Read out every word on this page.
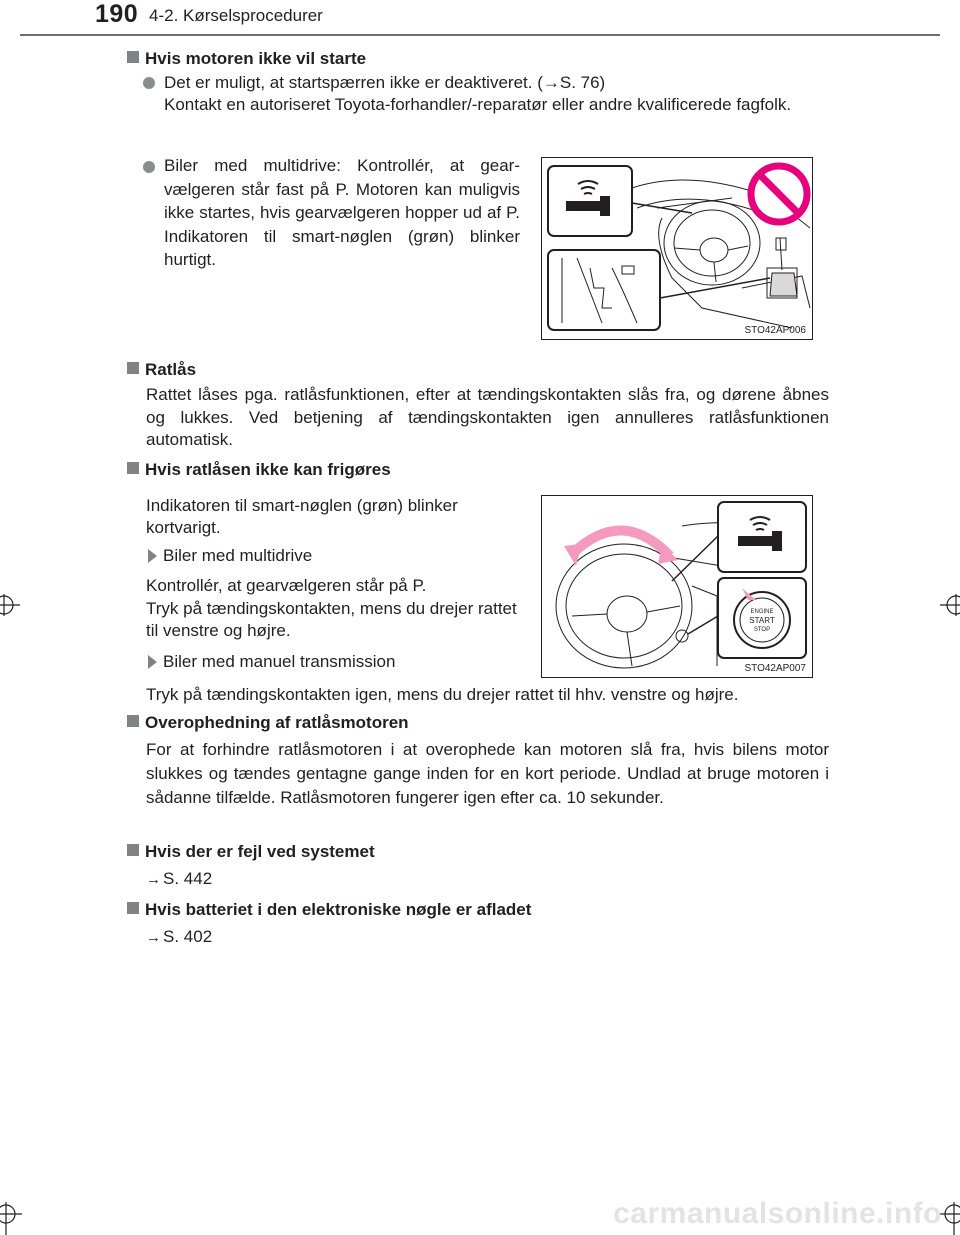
190 4-2. Kørselsprocedurer
Hvis motoren ikke vil starte
Det er muligt, at startspærren ikke er deaktiveret. (→S. 76)
Kontakt en autoriseret Toyota-forhandler/-reparatør eller andre kvalificerede fagfolk.
Biler med multidrive: Kontrollér, at gear-vælgeren står fast på P. Motoren kan muligvis ikke startes, hvis gearvælgeren hopper ud af P. Indikatoren til smart-nøglen (grøn) blinker hurtigt.
STO42AP006
Ratlås
Rattet låses pga. ratlåsfunktionen, efter at tændingskontakten slås fra, og dørene åbnes og lukkes. Ved betjening af tændingskontakten igen annulleres ratlåsfunktionen automatisk.
Hvis ratlåsen ikke kan frigøres
Indikatoren til smart-nøglen (grøn) blinker kortvarigt.
Biler med multidrive
Kontrollér, at gearvælgeren står på P.
Tryk på tændingskontakten, mens du drejer rattet til venstre og højre.
Biler med manuel transmission
Tryk på tændingskontakten igen, mens du drejer rattet til hhv. venstre og højre.
ENGINE
START
STOP
STO42AP007
Overophedning af ratlåsmotoren
For at forhindre ratlåsmotoren i at overophede kan motoren slå fra, hvis bilens motor slukkes og tændes gentagne gange inden for en kort periode. Undlad at bruge motoren i sådanne tilfælde. Ratlåsmotoren fungerer igen efter ca. 10 sekunder.
Hvis der er fejl ved systemet
→ S. 442
Hvis batteriet i den elektroniske nøgle er afladet
→ S. 402
carmanualsonline.info
